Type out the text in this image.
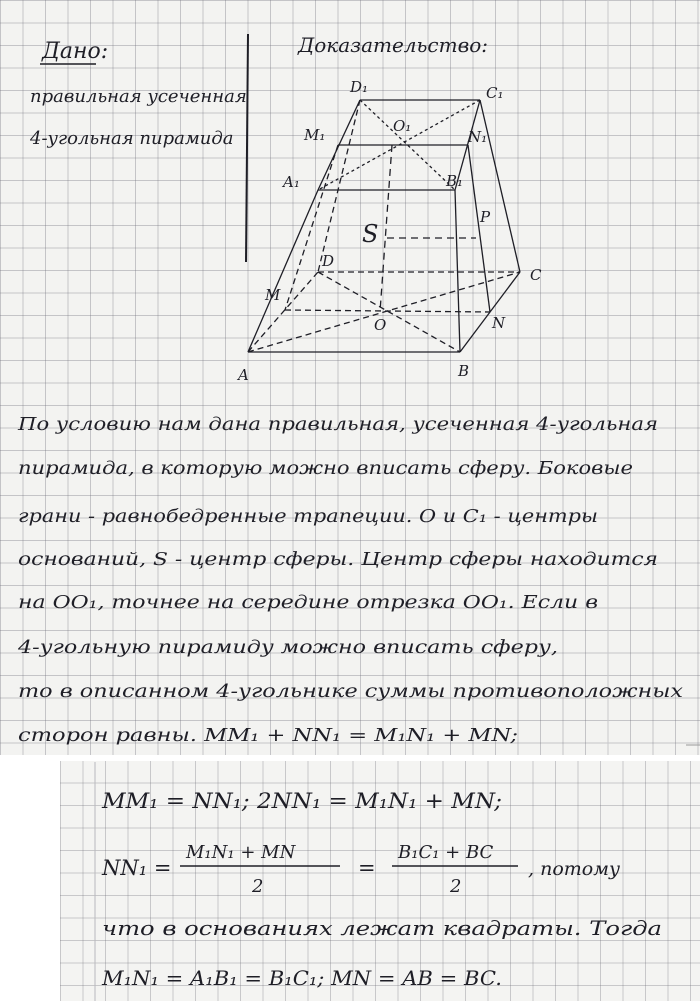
Дано:
правильная усеченная
4-угольная пирамида
Доказательство:
D₁	C₁
O₁
M₁	N₁
A₁	B₁
S
P
D
C
M
N
O
A	B
По условию нам дана правильная, усеченная 4-угольная
пирамида, в которую можно вписать сферу. Боковые
грани - равнобедренные трапеции. O и C₁ - центры
оснований, S - центр сферы. Центр сферы находится
на OO₁, точнее на середине отрезка OO₁. Если в
4-угольную пирамиду можно вписать сферу,
то в описанном 4-угольнике суммы противоположных
сторон равны. MM₁ + NN₁ = M₁N₁ + MN;
MM₁ = NN₁; 2NN₁ = M₁N₁ + MN;
NN₁ =
M₁N₁ + MN
2
=
B₁C₁ + BC
2
, потому
что в основаниях лежат квадраты. Тогда
M₁N₁ = A₁B₁ = B₁C₁; MN = AB = BC.
